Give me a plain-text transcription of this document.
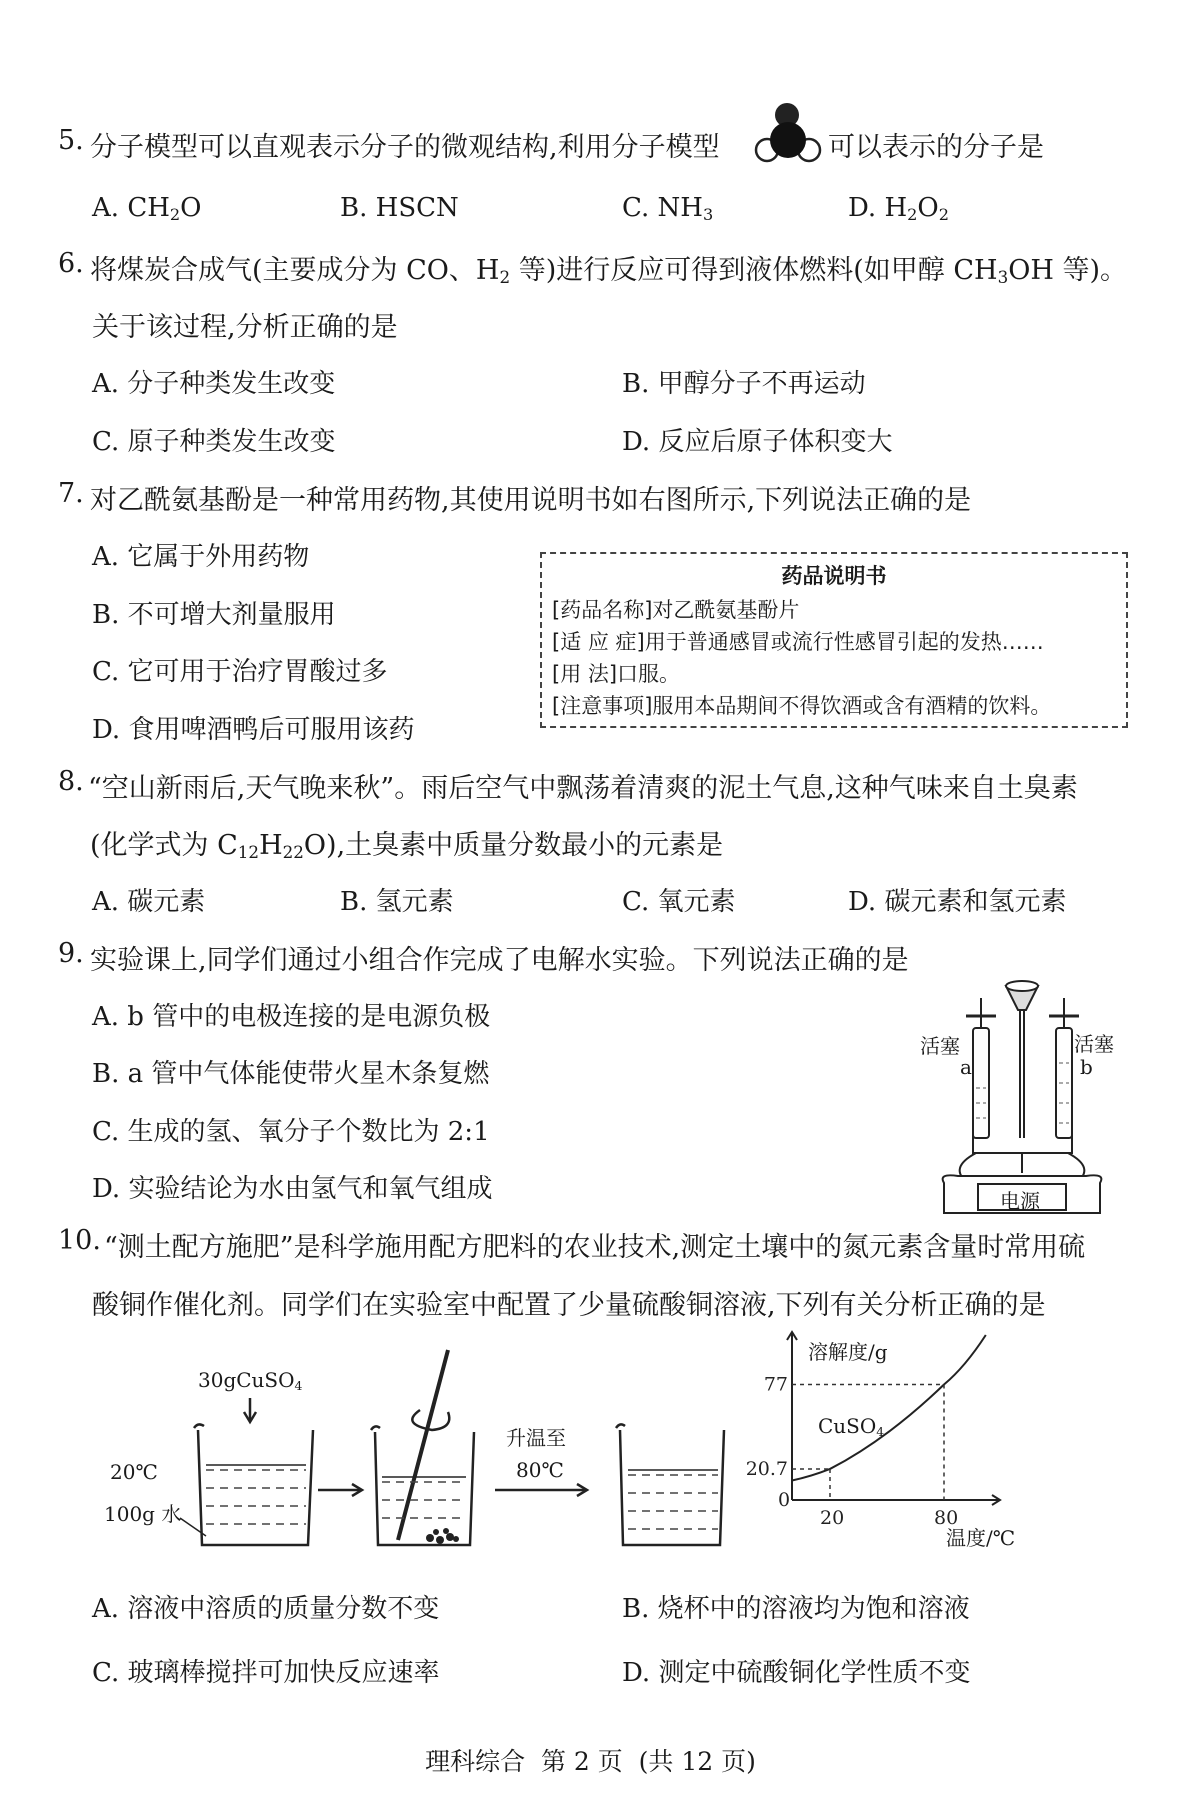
5. 分子模型可以直观表示分子的微观结构,利用分子模型	可以表示的分子是
A. $CH_2O$	B. HSCN	C. $NH_3$	D. $H_2O_2$
6. 将煤炭合成气(主要成分为 CO、$H_2$ 等)进行反应可得到液体燃料(如甲醇 $CH_3OH$ 等)。
关于该过程,分析正确的是
A. 分子种类发生改变	B. 甲醇分子不再运动
C. 原子种类发生改变	D. 反应后原子体积变大
7. 对乙酰氨基酚是一种常用药物,其使用说明书如右图所示,下列说法正确的是
A. 它属于外用药物
B. 不可增大剂量服用
C. 它可用于治疗胃酸过多
D. 食用啤酒鸭后可服用该药
药品说明书
[药品名称]对乙酰氨基酚片
[适 应 症]用于普通感冒或流行性感冒引起的发热……
[用 法]口服。
[注意事项]服用本品期间不得饮酒或含有酒精的饮料。
8. “空山新雨后,天气晚来秋”。雨后空气中飘荡着清爽的泥土气息,这种气味来自土臭素
(化学式为 $C_{12}H_{22}O$),土臭素中质量分数最小的元素是
A. 碳元素	B. 氢元素	C. 氧元素	D. 碳元素和氢元素
9. 实验课上,同学们通过小组合作完成了电解水实验。下列说法正确的是
A. b 管中的电极连接的是电源负极
B. a 管中气体能使带火星木条复燃
C. 生成的氢、氧分子个数比为 2:1
D. 实验结论为水由氢气和氧气组成
活塞	活塞
a	b
电源
10. “测土配方施肥”是科学施用配方肥料的农业技术,测定土壤中的氮元素含量时常用硫
酸铜作催化剂。同学们在实验室中配置了少量硫酸铜溶液,下列有关分析正确的是
30gCuSO$_4$
20℃
100g 水
升温至
80℃
0
20	80
20.7
77
溶解度/g
CuSO$_4$
温度/℃
A. 溶液中溶质的质量分数不变	B. 烧杯中的溶液均为饱和溶液
C. 玻璃棒搅拌可加快反应速率	D. 测定中硫酸铜化学性质不变
理科综合  第 2 页  (共 12 页)
